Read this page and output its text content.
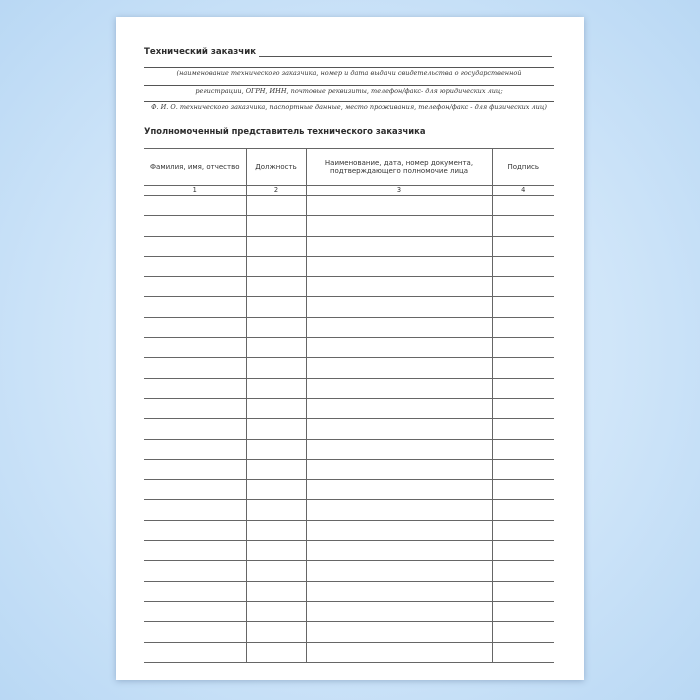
Технический заказчик
(наименование технического заказчика, номер и дата выдачи свидетельства о государственной
регистрации, ОГРН, ИНН, почтовые реквизиты, телефон/факс- для юридических лиц;
Ф. И. О. технического заказчика, паспортные данные, место проживания, телефон/факс - для физических лиц)
Уполномоченный представитель технического заказчика
Фамилия, имя, отчество	Должность	Наименование, дата, номер документа, подтверждающего полномочие лица	Подпись
1	2	3	4
